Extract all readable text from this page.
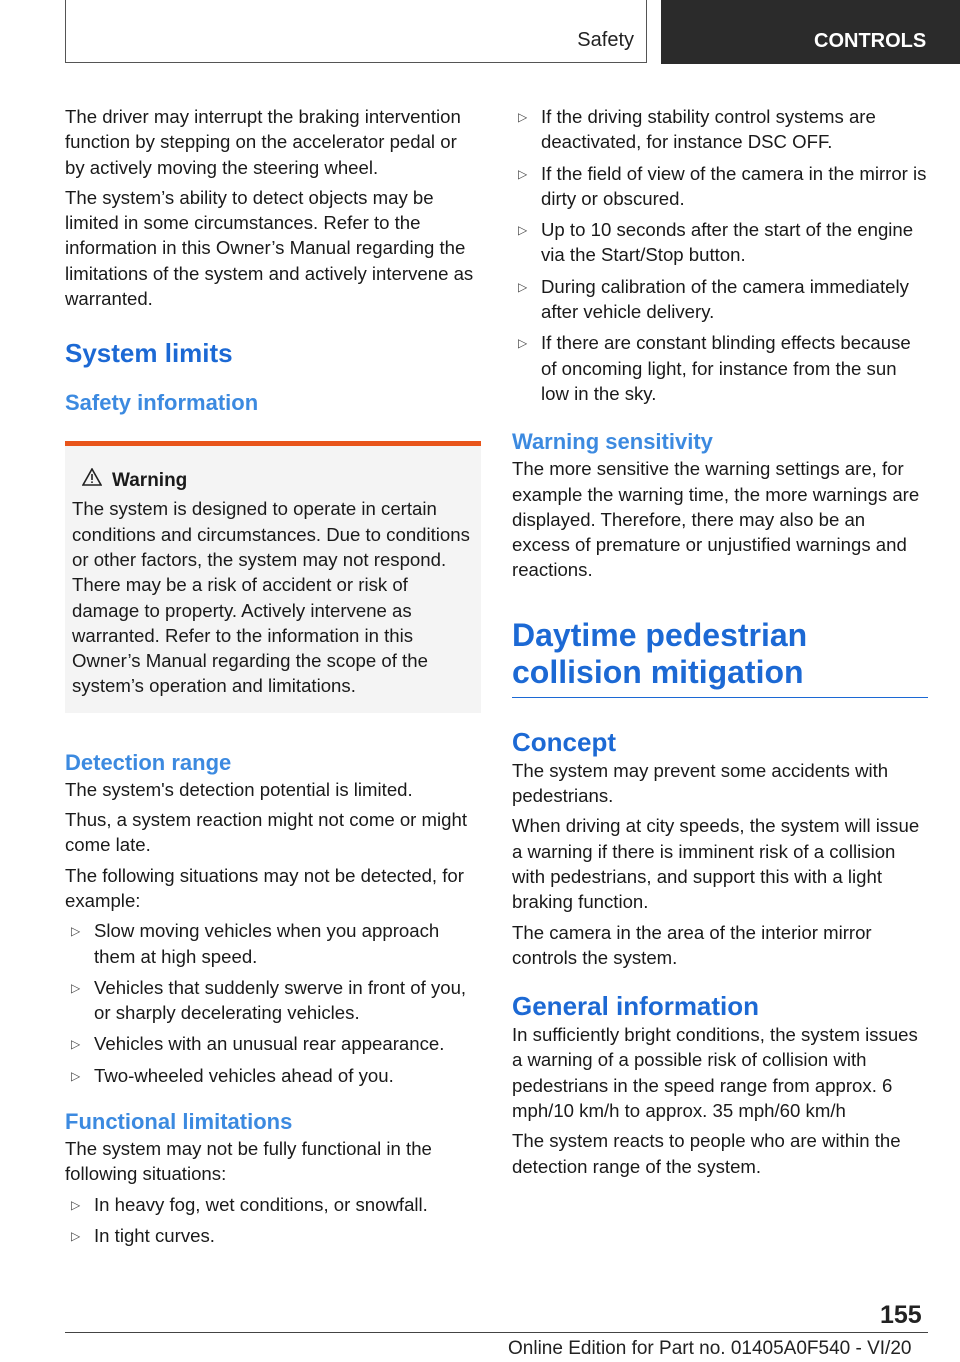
Safety	CONTROLS

The driver may interrupt the braking intervention function by stepping on the accelerator pedal or by actively moving the steering wheel.

The system’s ability to detect objects may be limited in some circumstances. Refer to the information in this Owner’s Manual regarding the limitations of the system and actively intervene as warranted.

System limits
Safety information
Warning

The system is designed to operate in certain conditions and circumstances. Due to conditions or other factors, the system may not respond. There may be a risk of accident or risk of damage to property. Actively intervene as warranted. Refer to the information in this Owner’s Manual regarding the scope of the system’s operation and limitations.

Detection range

The system's detection potential is limited.

Thus, a system reaction might not come or might come late.

The following situations may not be detected, for example:

▷ Slow moving vehicles when you approach them at high speed.
▷ Vehicles that suddenly swerve in front of you, or sharply decelerating vehicles.
▷ Vehicles with an unusual rear appearance.
▷ Two-wheeled vehicles ahead of you.
Functional limitations

The system may not be fully functional in the following situations:

▷ In heavy fog, wet conditions, or snowfall.
▷ In tight curves.
▷ If the driving stability control systems are deactivated, for instance DSC OFF.
▷ If the field of view of the camera in the mirror is dirty or obscured.
▷ Up to 10 seconds after the start of the engine via the Start/Stop button.
▷ During calibration of the camera immediately after vehicle delivery.
▷ If there are constant blinding effects because of oncoming light, for instance from the sun low in the sky.
Warning sensitivity

The more sensitive the warning settings are, for example the warning time, the more warnings are displayed. Therefore, there may also be an excess of premature or unjustified warnings and reactions.

Daytime pedestrian
collision mitigation
Concept

The system may prevent some accidents with pedestrians.

When driving at city speeds, the system will issue a warning if there is imminent risk of a collision with pedestrians, and support this with a light braking function.

The camera in the area of the interior mirror controls the system.

General information

In sufficiently bright conditions, the system issues a warning of a possible risk of collision with pedestrians in the speed range from approx. 6 mph/10 km/h to approx. 35 mph/60 km/h

The system reacts to people who are within the detection range of the system.

155
Online Edition for Part no. 01405A0F540 - VI/20
